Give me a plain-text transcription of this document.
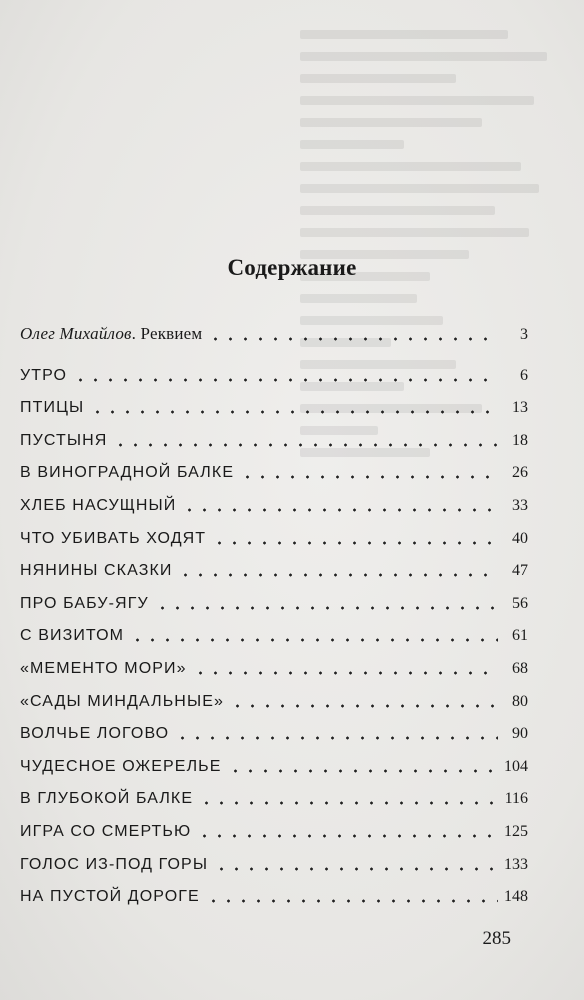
Содержание
Олег Михайлов. Реквием	3
УТРО	6
ПТИЦЫ	13
ПУСТЫНЯ	18
В ВИНОГРАДНОЙ БАЛКЕ	26
ХЛЕБ НАСУЩНЫЙ	33
ЧТО УБИВАТЬ ХОДЯТ	40
НЯНИНЫ СКАЗКИ	47
ПРО БАБУ-ЯГУ	56
С ВИЗИТОМ	61
«МЕМЕНТО МОРИ»	68
«САДЫ МИНДАЛЬНЫЕ»	80
ВОЛЧЬЕ ЛОГОВО	90
ЧУДЕСНОЕ ОЖЕРЕЛЬЕ	104
В ГЛУБОКОЙ БАЛКЕ	116
ИГРА СО СМЕРТЬЮ	125
ГОЛОС ИЗ-ПОД ГОРЫ	133
НА ПУСТОЙ ДОРОГЕ	148
285
